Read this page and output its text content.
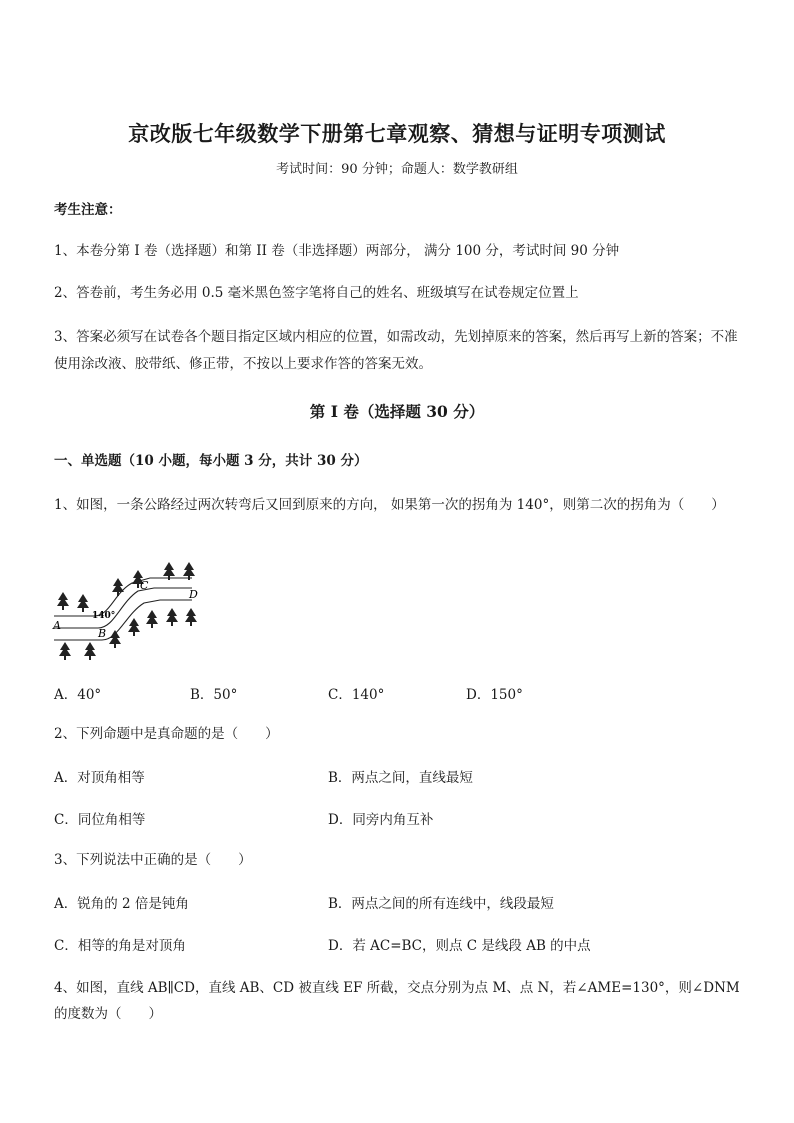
京改版七年级数学下册第七章观察、猜想与证明专项测试
考试时间：90 分钟；命题人：数学教研组
考生注意：
1、本卷分第 I 卷（选择题）和第 II 卷（非选择题）两部分， 满分 100 分，考试时间 90 分钟
2、答卷前，考生务必用 0.5 毫米黑色签字笔将自己的姓名、班级填写在试卷规定位置上
3、答案必须写在试卷各个题目指定区域内相应的位置，如需改动，先划掉原来的答案，然后再写上新的答案；不准使用涂改液、胶带纸、修正带，不按以上要求作答的答案无效。
第 I 卷（选择题 30 分）
一、单选题（10 小题，每小题 3 分，共计 30 分）
1、如图，一条公路经过两次转弯后又回到原来的方向， 如果第一次的拐角为 140°，则第二次的拐角为（　　）
A
B
C
D
140°
A．40°	B．50°	C．140°	D．150°
2、下列命题中是真命题的是（　　）
A．对顶角相等	B．两点之间，直线最短
C．同位角相等	D．同旁内角互补
3、下列说法中正确的是（　　）
A．锐角的 2 倍是钝角	B．两点之间的所有连线中，线段最短
C．相等的角是对顶角	D．若 AC=BC，则点 C 是线段 AB 的中点
4、如图，直线 AB∥CD，直线 AB、CD 被直线 EF 所截，交点分别为点 M、点 N，若∠AME=130°，则∠DNM 的度数为（　　）
